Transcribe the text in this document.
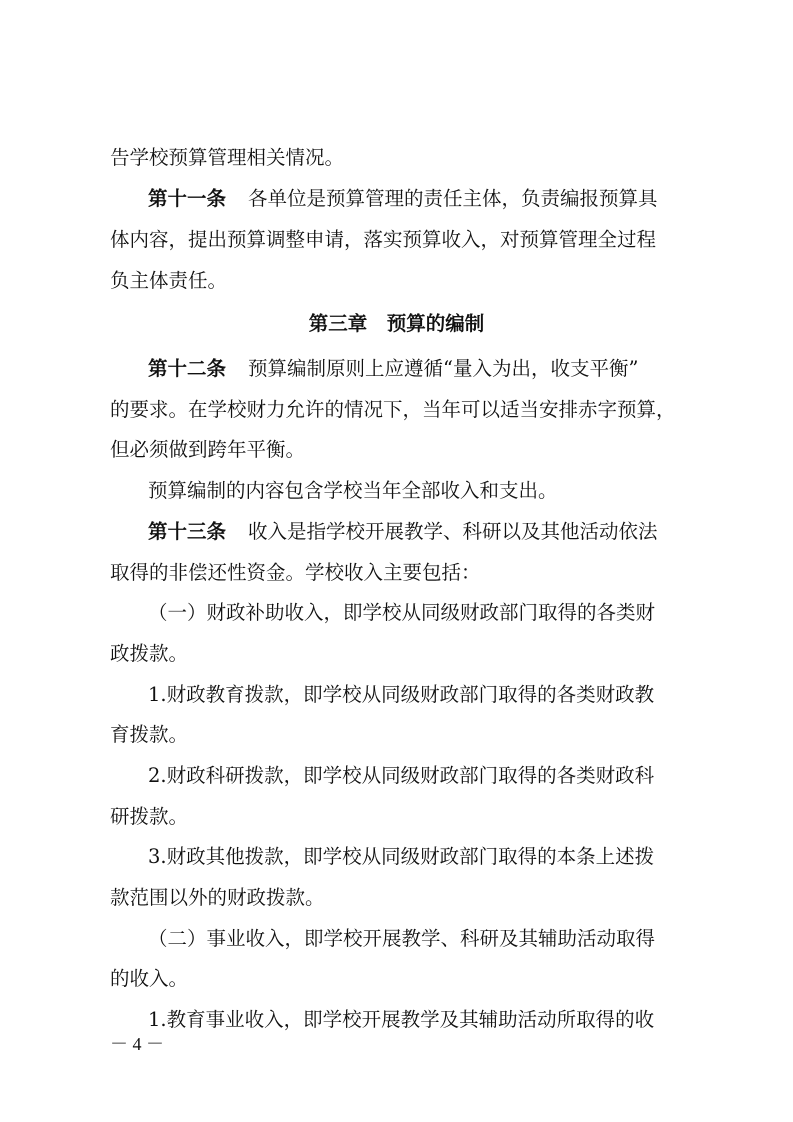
告学校预算管理相关情况。
第十一条 各单位是预算管理的责任主体，负责编报预算具
体内容，提出预算调整申请，落实预算收入，对预算管理全过程
负主体责任。
第三章　预算的编制
第十二条 预算编制原则上应遵循“量入为出，收支平衡”
的要求。在学校财力允许的情况下，当年可以适当安排赤字预算，
但必须做到跨年平衡。
预算编制的内容包含学校当年全部收入和支出。
第十三条 收入是指学校开展教学、科研以及其他活动依法
取得的非偿还性资金。学校收入主要包括：
（一）财政补助收入，即学校从同级财政部门取得的各类财
政拨款。
1.财政教育拨款，即学校从同级财政部门取得的各类财政教
育拨款。
2.财政科研拨款，即学校从同级财政部门取得的各类财政科
研拨款。
3.财政其他拨款，即学校从同级财政部门取得的本条上述拨
款范围以外的财政拨款。
（二）事业收入，即学校开展教学、科研及其辅助活动取得
的收入。
1.教育事业收入，即学校开展教学及其辅助活动所取得的收
－ 4 －
